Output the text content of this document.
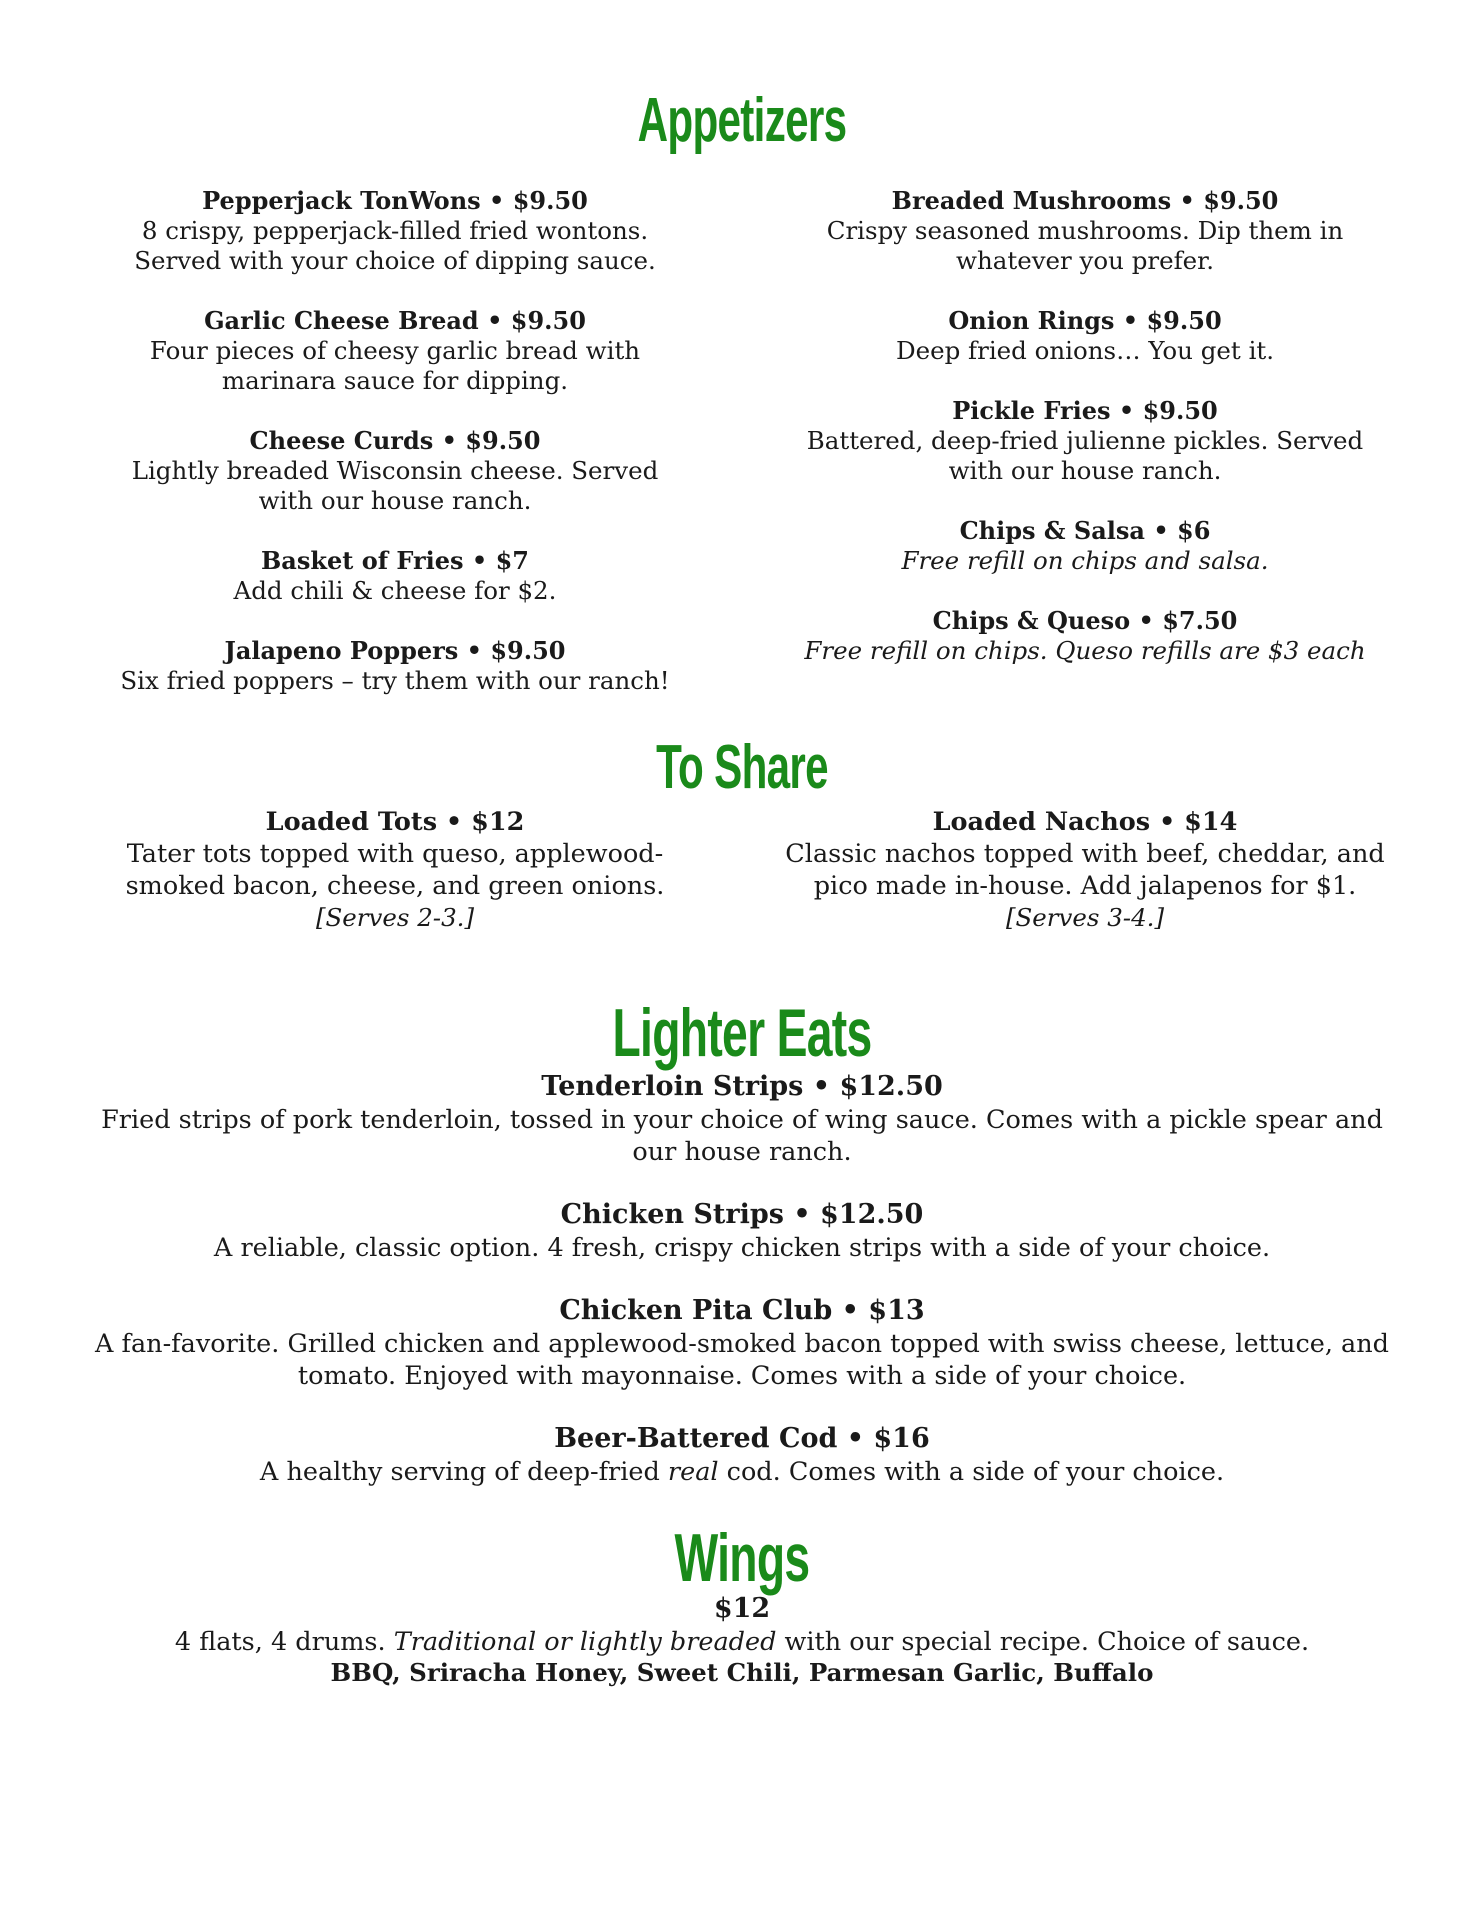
Appetizers
Pepperjack TonWons • $9.50
8 crispy, pepperjack-filled fried wontons. Served with your choice of dipping sauce.
Garlic Cheese Bread • $9.50
Four pieces of cheesy garlic bread with marinara sauce for dipping.
Cheese Curds • $9.50
Lightly breaded Wisconsin cheese. Served with our house ranch.
Basket of Fries • $7
Add chili & cheese for $2.
Jalapeno Poppers • $9.50
Six fried poppers – try them with our ranch!
Breaded Mushrooms • $9.50
Crispy seasoned mushrooms. Dip them in whatever you prefer.
Onion Rings • $9.50
Deep fried onions… You get it.
Pickle Fries • $9.50
Battered, deep-fried julienne pickles. Served with our house ranch.
Chips & Salsa • $6
Free refill on chips and salsa.
Chips & Queso • $7.50
Free refill on chips. Queso refills are $3 each
To Share
Loaded Tots • $12
Tater tots topped with queso, applewood-smoked bacon, cheese, and green onions.
[Serves 2-3.]
Loaded Nachos • $14
Classic nachos topped with beef, cheddar, and pico made in-house. Add jalapenos for $1.
[Serves 3-4.]
Lighter Eats
Tenderloin Strips • $12.50
Fried strips of pork tenderloin, tossed in your choice of wing sauce. Comes with a pickle spear and our house ranch.
Chicken Strips • $12.50
A reliable, classic option. 4 fresh, crispy chicken strips with a side of your choice.
Chicken Pita Club • $13
A fan-favorite. Grilled chicken and applewood-smoked bacon topped with swiss cheese, lettuce, and tomato. Enjoyed with mayonnaise. Comes with a side of your choice.
Beer-Battered Cod • $16
A healthy serving of deep-fried real cod. Comes with a side of your choice.
Wings
$12
4 flats, 4 drums. Traditional or lightly breaded with our special recipe. Choice of sauce.
BBQ, Sriracha Honey, Sweet Chili, Parmesan Garlic, Buffalo
